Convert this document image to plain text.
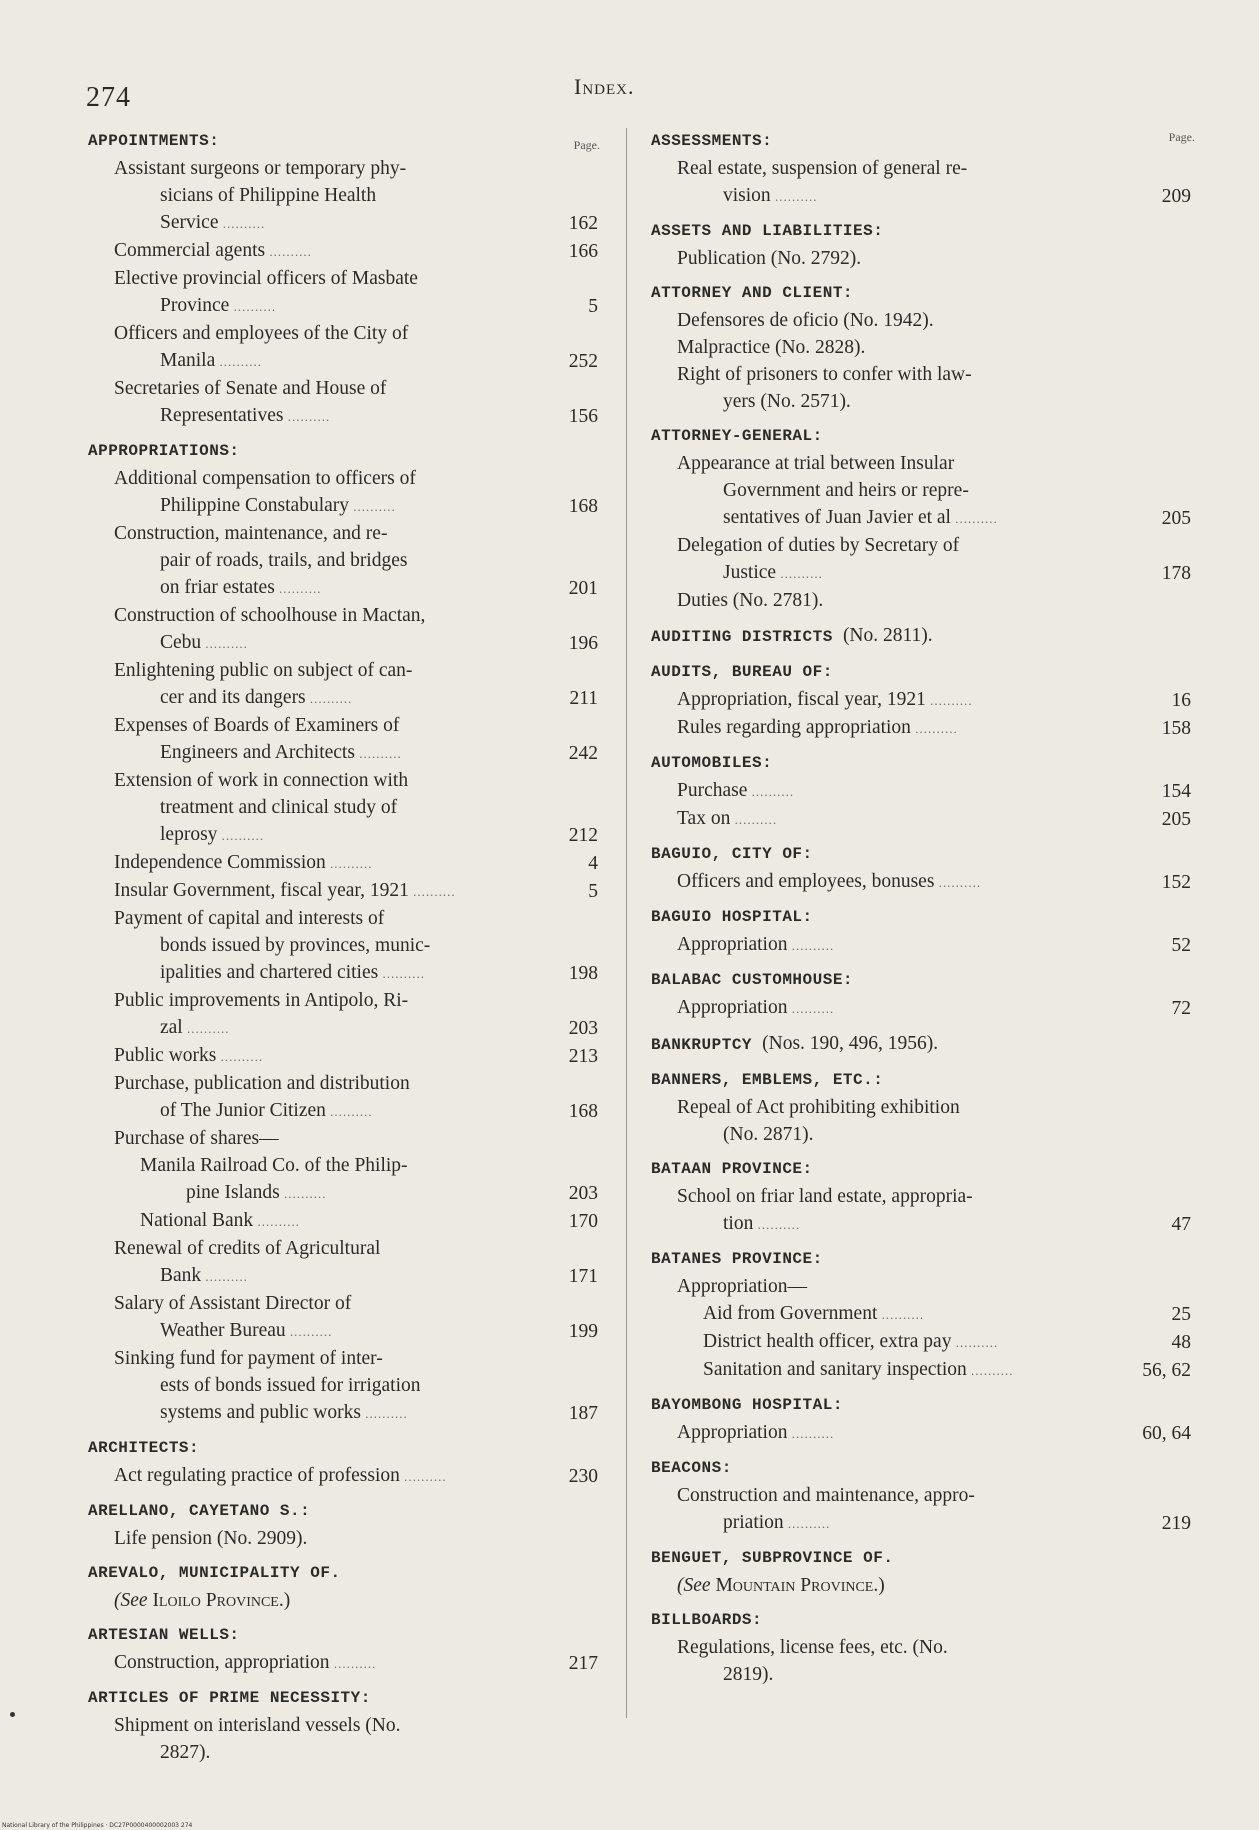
274	Index.
Page.
APPOINTMENTS:
Assistant surgeons or temporary phy-
sicians of Philippine Health
Service ..........	162
Commercial agents ..........	166
Elective provincial officers of Masbate
Province ..........	5
Officers and employees of the City of
Manila ..........	252
Secretaries of Senate and House of
Representatives ..........	156
APPROPRIATIONS:
Additional compensation to officers of
Philippine Constabulary ..........	168
Construction, maintenance, and re-
pair of roads, trails, and bridges
on friar estates ..........	201
Construction of schoolhouse in Mactan,
Cebu ..........	196
Enlightening public on subject of can-
cer and its dangers ..........	211
Expenses of Boards of Examiners of
Engineers and Architects ..........	242
Extension of work in connection with
treatment and clinical study of
leprosy ..........	212
Independence Commission ..........	4
Insular Government, fiscal year, 1921 ..........	5
Payment of capital and interests of
bonds issued by provinces, munic-
ipalities and chartered cities ..........	198
Public improvements in Antipolo, Ri-
zal ..........	203
Public works ..........	213
Purchase, publication and distribution
of The Junior Citizen ..........	168
Purchase of shares—
Manila Railroad Co. of the Philip-
pine Islands ..........	203
National Bank ..........	170
Renewal of credits of Agricultural
Bank ..........	171
Salary of Assistant Director of
Weather Bureau ..........	199
Sinking fund for payment of inter-
ests of bonds issued for irrigation
systems and public works ..........	187
ARCHITECTS:
Act regulating practice of profession ..........	230
ARELLANO, CAYETANO S.:
Life pension (No. 2909).
AREVALO, MUNICIPALITY OF.
(See Iloilo Province.)
ARTESIAN WELLS:
Construction, appropriation ..........	217
ARTICLES OF PRIME NECESSITY:
Shipment on interisland vessels (No.
2827).
Page.
ASSESSMENTS:
Real estate, suspension of general re-
vision ..........	209
ASSETS AND LIABILITIES:
Publication (No. 2792).
ATTORNEY AND CLIENT:
Defensores de oficio (No. 1942).
Malpractice (No. 2828).
Right of prisoners to confer with law-
yers (No. 2571).
ATTORNEY-GENERAL:
Appearance at trial between Insular
Government and heirs or repre-
sentatives of Juan Javier et al ..........	205
Delegation of duties by Secretary of
Justice ..........	178
Duties (No. 2781).
AUDITING DISTRICTS (No. 2811).
AUDITS, BUREAU OF:
Appropriation, fiscal year, 1921 ..........	16
Rules regarding appropriation ..........	158
AUTOMOBILES:
Purchase ..........	154
Tax on ..........	205
BAGUIO, CITY OF:
Officers and employees, bonuses ..........	152
BAGUIO HOSPITAL:
Appropriation ..........	52
BALABAC CUSTOMHOUSE:
Appropriation ..........	72
BANKRUPTCY (Nos. 190, 496, 1956).
BANNERS, EMBLEMS, ETC.:
Repeal of Act prohibiting exhibition
(No. 2871).
BATAAN PROVINCE:
School on friar land estate, appropria-
tion ..........	47
BATANES PROVINCE:
Appropriation—
Aid from Government ..........	25
District health officer, extra pay ..........	48
Sanitation and sanitary inspection ..........	56, 62
BAYOMBONG HOSPITAL:
Appropriation ..........	60, 64
BEACONS:
Construction and maintenance, appro-
priation ..........	219
BENGUET, SUBPROVINCE OF.
(See Mountain Province.)
BILLBOARDS:
Regulations, license fees, etc. (No.
2819).
National Library of the Philippines · DC27P0000400002003 274
